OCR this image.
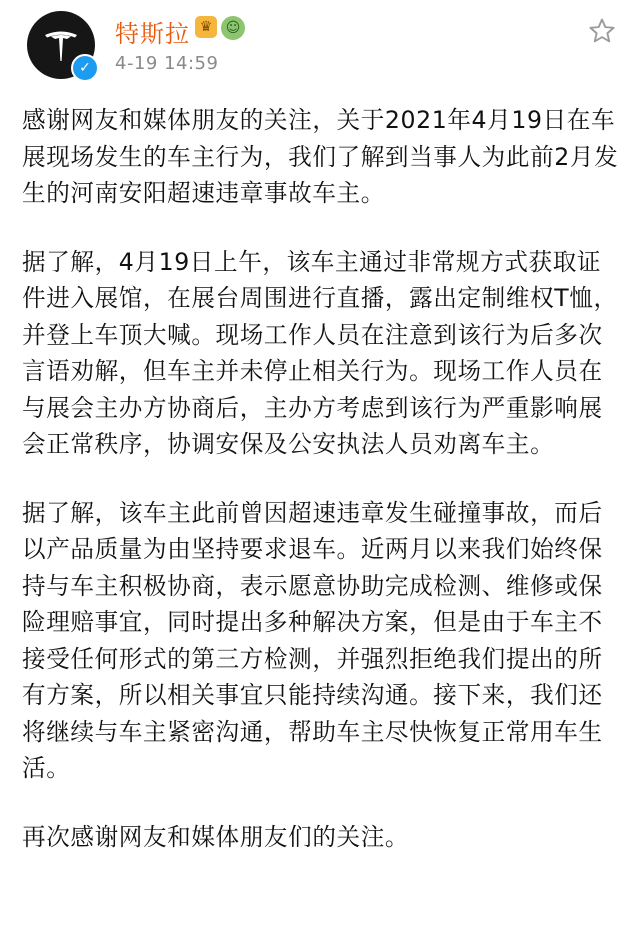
✓
特斯拉 ♛ ☺
4-19 14:59

感谢网友和媒体朋友的关注，关于2021年4月19日在车展现场发生的车主行为，我们了解到当事人为此前2月发生的河南安阳超速违章事故车主。

据了解，4月19日上午，该车主通过非常规方式获取证件进入展馆，在展台周围进行直播，露出定制维权T恤，并登上车顶大喊。现场工作人员在注意到该行为后多次言语劝解，但车主并未停止相关行为。现场工作人员在与展会主办方协商后，主办方考虑到该行为严重影响展会正常秩序，协调安保及公安执法人员劝离车主。

据了解，该车主此前曾因超速违章发生碰撞事故，而后以产品质量为由坚持要求退车。近两月以来我们始终保持与车主积极协商，表示愿意协助完成检测、维修或保险理赔事宜，同时提出多种解决方案，但是由于车主不接受任何形式的第三方检测，并强烈拒绝我们提出的所有方案，所以相关事宜只能持续沟通。接下来，我们还将继续与车主紧密沟通，帮助车主尽快恢复正常用车生活。

再次感谢网友和媒体朋友们的关注。
